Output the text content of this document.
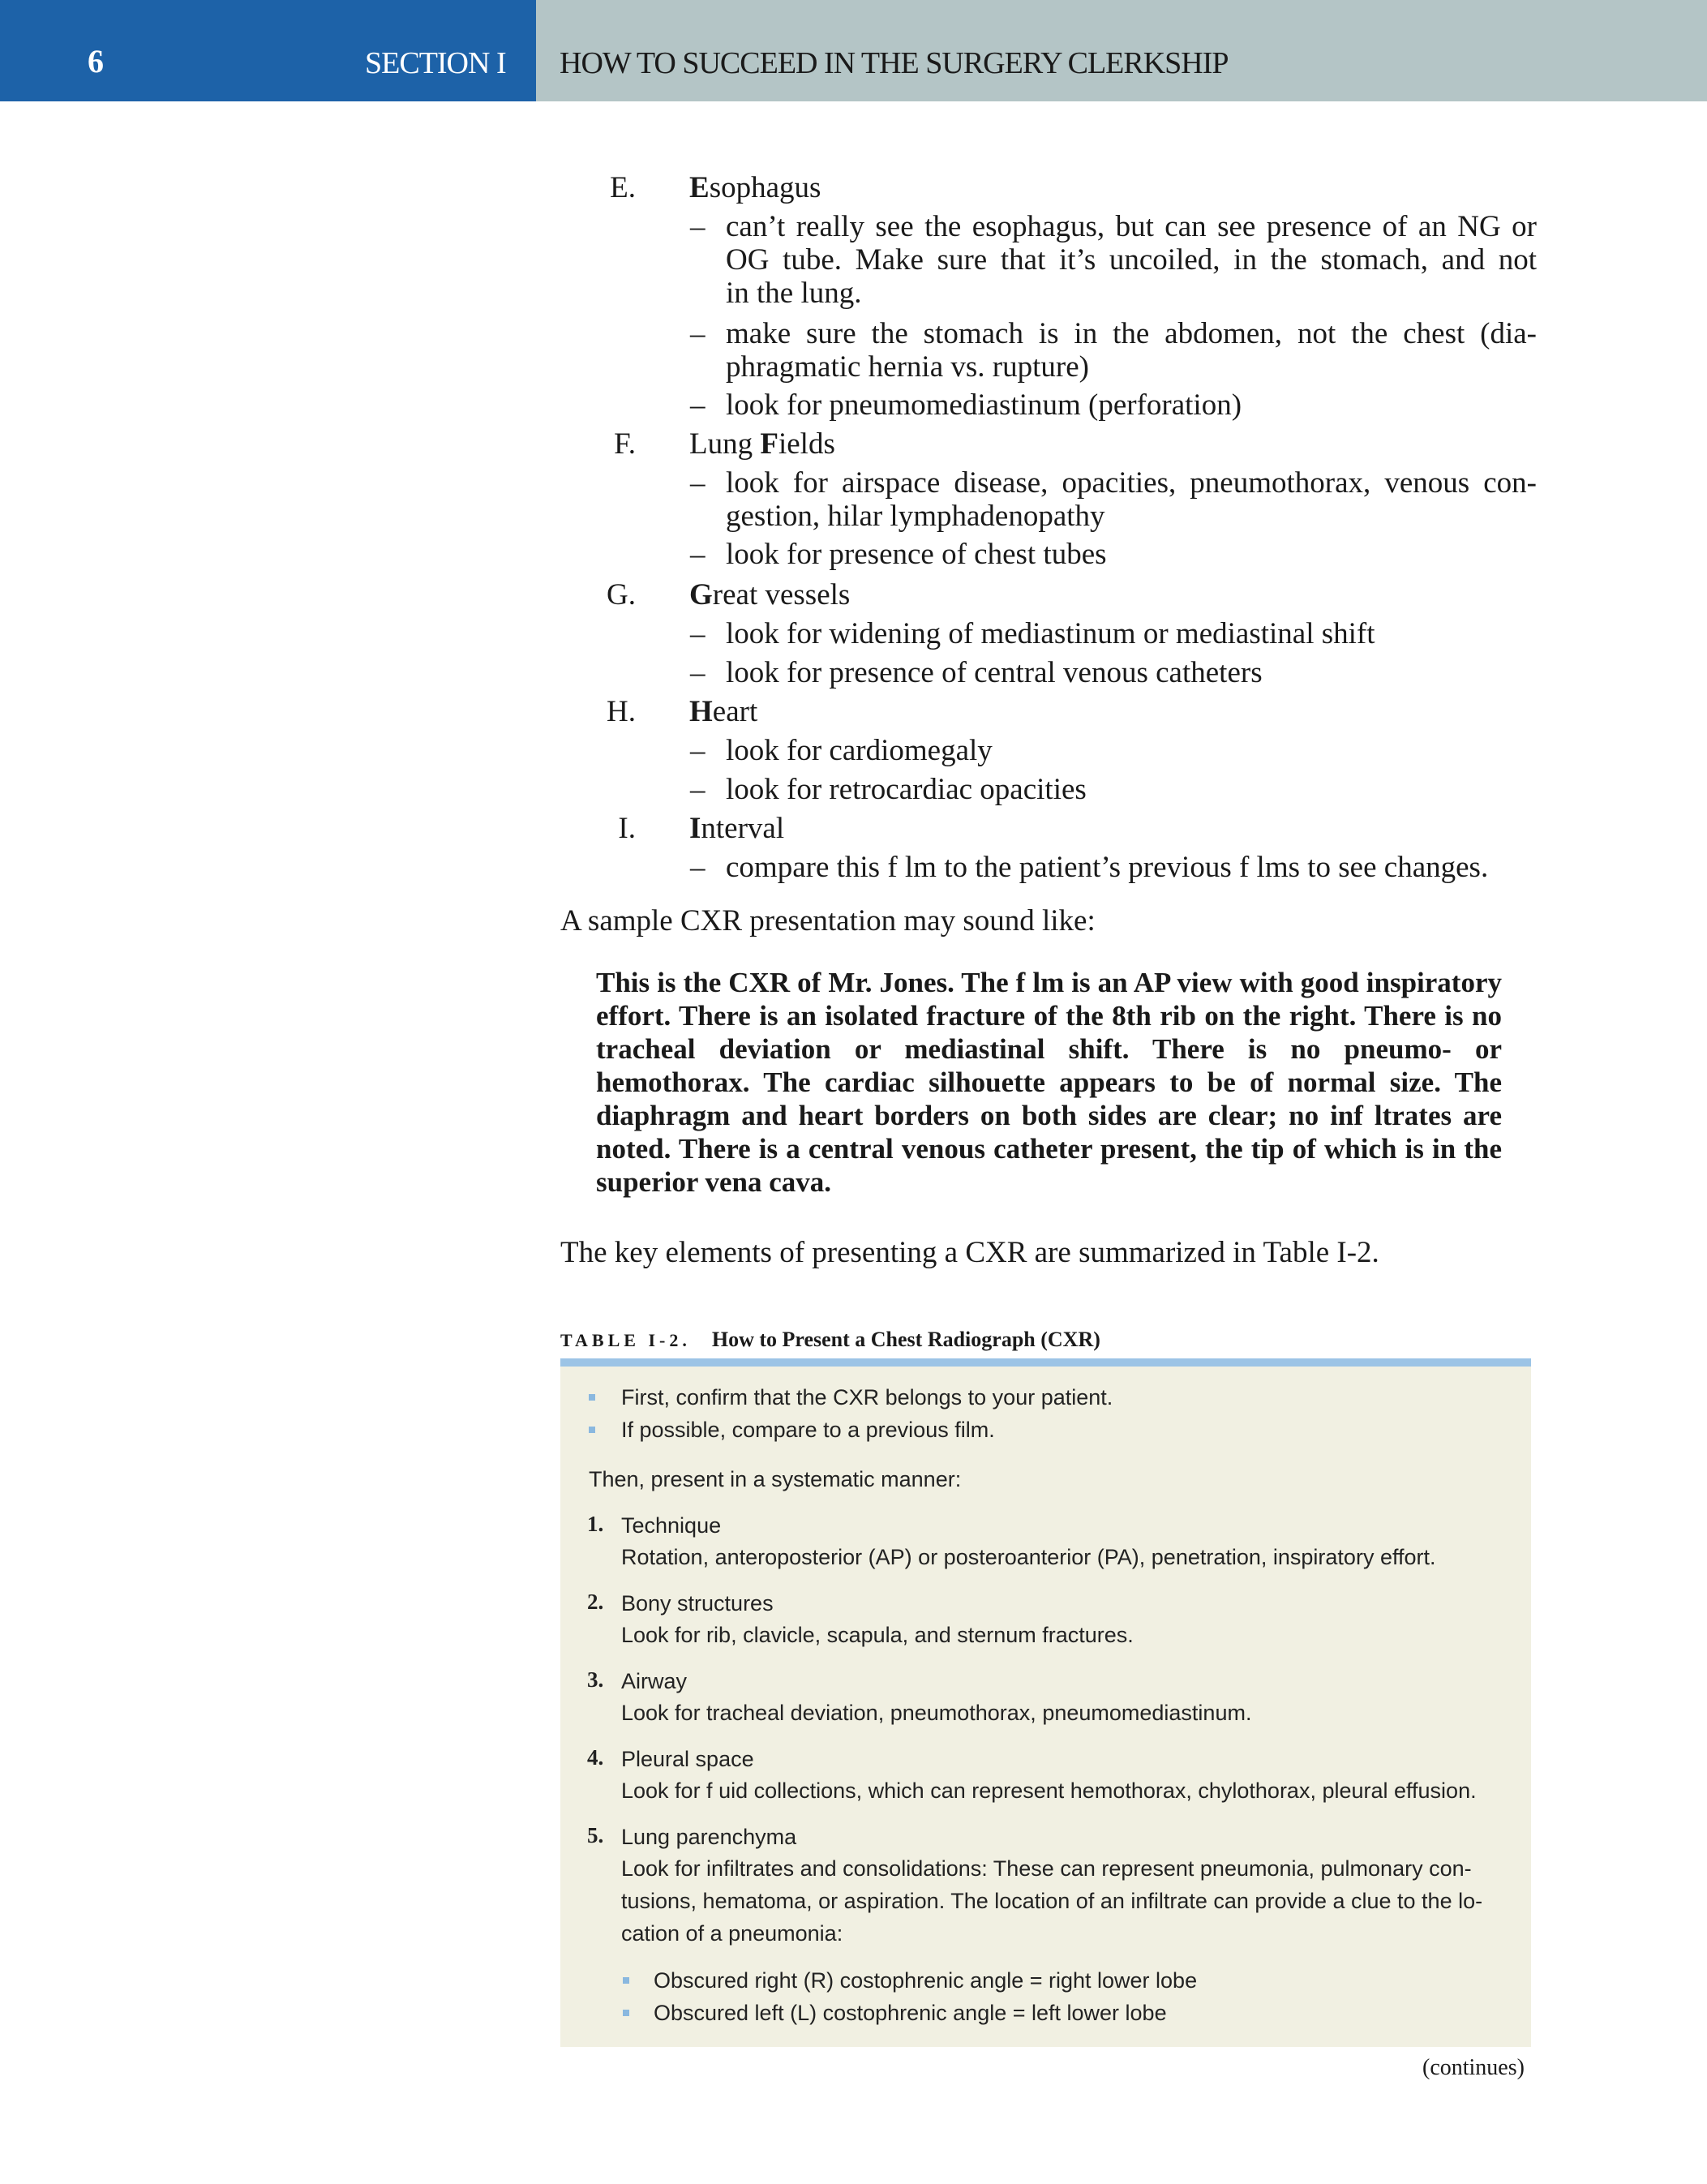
6	SECTION I HOW TO SUCCEED IN THE SURGERY CLERKSHIP
E. Esophagus
F. Lung Fields
G. Great vessels
H. Heart
I. Interval
– can’t really see the esophagus, but can see presence of an NG or
OG tube. Make sure that it’s uncoiled, in the stomach, and not
in the lung.
– make sure the stomach is in the abdomen, not the chest (dia-
phragmatic hernia vs. rupture)
– look for pneumomediastinum (perforation)
– look for airspace disease, opacities, pneumothorax, venous con-
gestion, hilar lymphadenopathy
– look for presence of chest tubes
– look for widening of mediastinum or mediastinal shift
– look for presence of central venous catheters
– look for cardiomegaly
– look for retrocardiac opacities
– compare this f lm to the patient’s previous f lms to see changes.
A sample CXR presentation may sound like:
This is the CXR of Mr. Jones. The f lm is an AP view with good inspiratory effort. There is an isolated fracture of the 8th rib on the right. There is no tracheal deviation or mediastinal shift. There is no pneumo- or hemothorax. The cardiac silhouette appears to be of normal size. The diaphragm and heart borders on both sides are clear; no inf ltrates are noted. There is a central venous catheter present, the tip of which is in the superior vena cava.
The key elements of presenting a CXR are summarized in Table I-2.
TABLE I-2. How to Present a Chest Radiograph (CXR)
First, confirm that the CXR belongs to your patient.
If possible, compare to a previous film.
Then, present in a systematic manner:
1. Technique
Rotation, anteroposterior (AP) or posteroanterior (PA), penetration, inspiratory effort.
2. Bony structures
Look for rib, clavicle, scapula, and sternum fractures.
3. Airway
Look for tracheal deviation, pneumothorax, pneumomediastinum.
4. Pleural space
Look for f uid collections, which can represent hemothorax, chylothorax, pleural effusion.
5. Lung parenchyma
Look for infiltrates and consolidations: These can represent pneumonia, pulmonary con-
tusions, hematoma, or aspiration. The location of an infiltrate can provide a clue to the lo-
cation of a pneumonia:
Obscured right (R) costophrenic angle = right lower lobe
Obscured left (L) costophrenic angle = left lower lobe
(continues)
